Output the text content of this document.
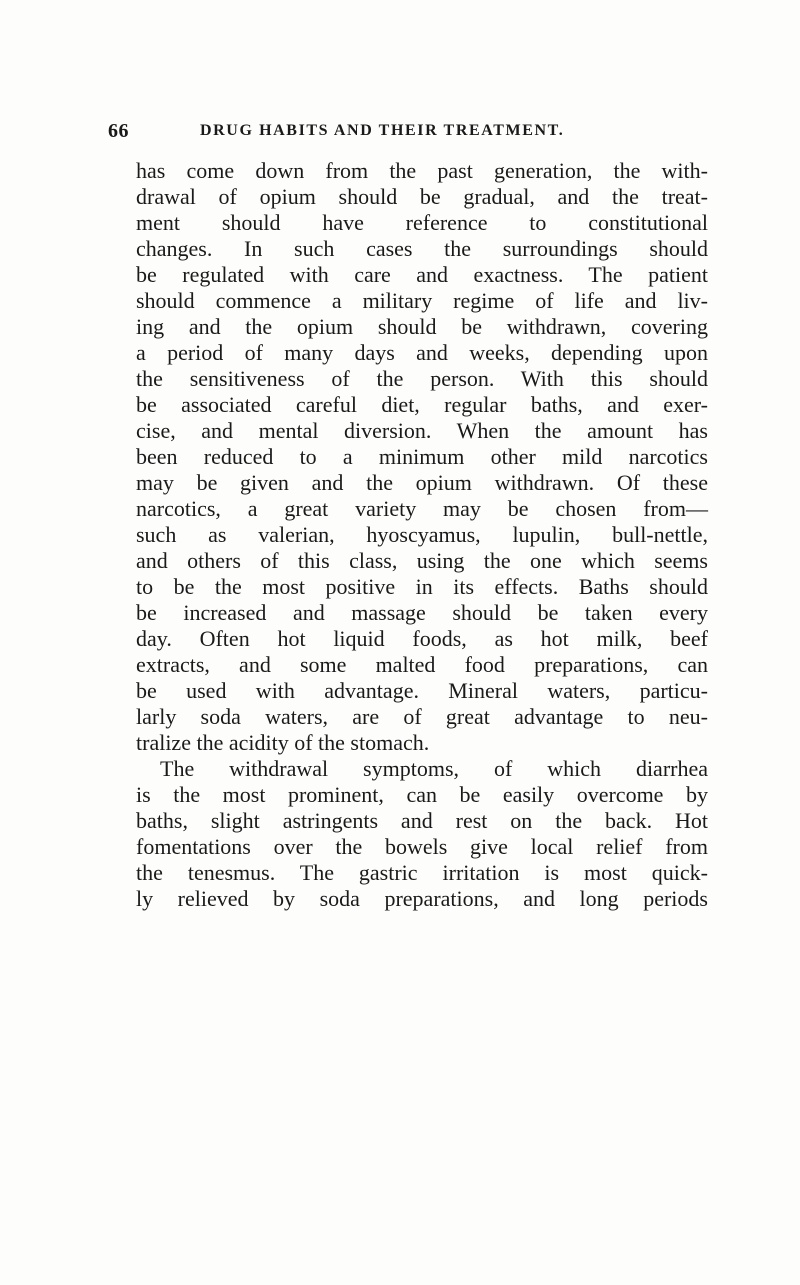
66	DRUG HABITS AND THEIR TREATMENT.
has come down from the past generation, the with-
drawal of opium should be gradual, and the treat-
ment should have reference to constitutional
changes. In such cases the surroundings should
be regulated with care and exactness. The patient
should commence a military regime of life and liv-
ing and the opium should be withdrawn, covering
a period of many days and weeks, depending upon
the sensitiveness of the person. With this should
be associated careful diet, regular baths, and exer-
cise, and mental diversion. When the amount has
been reduced to a minimum other mild narcotics
may be given and the opium withdrawn. Of these
narcotics, a great variety may be chosen from—
such as valerian, hyoscyamus, lupulin, bull-nettle,
and others of this class, using the one which seems
to be the most positive in its effects. Baths should
be increased and massage should be taken every
day. Often hot liquid foods, as hot milk, beef
extracts, and some malted food preparations, can
be used with advantage. Mineral waters, particu-
larly soda waters, are of great advantage to neu-
tralize the acidity of the stomach.
The withdrawal symptoms, of which diarrhea
is the most prominent, can be easily overcome by
baths, slight astringents and rest on the back. Hot
fomentations over the bowels give local relief from
the tenesmus. The gastric irritation is most quick-
ly relieved by soda preparations, and long periods
